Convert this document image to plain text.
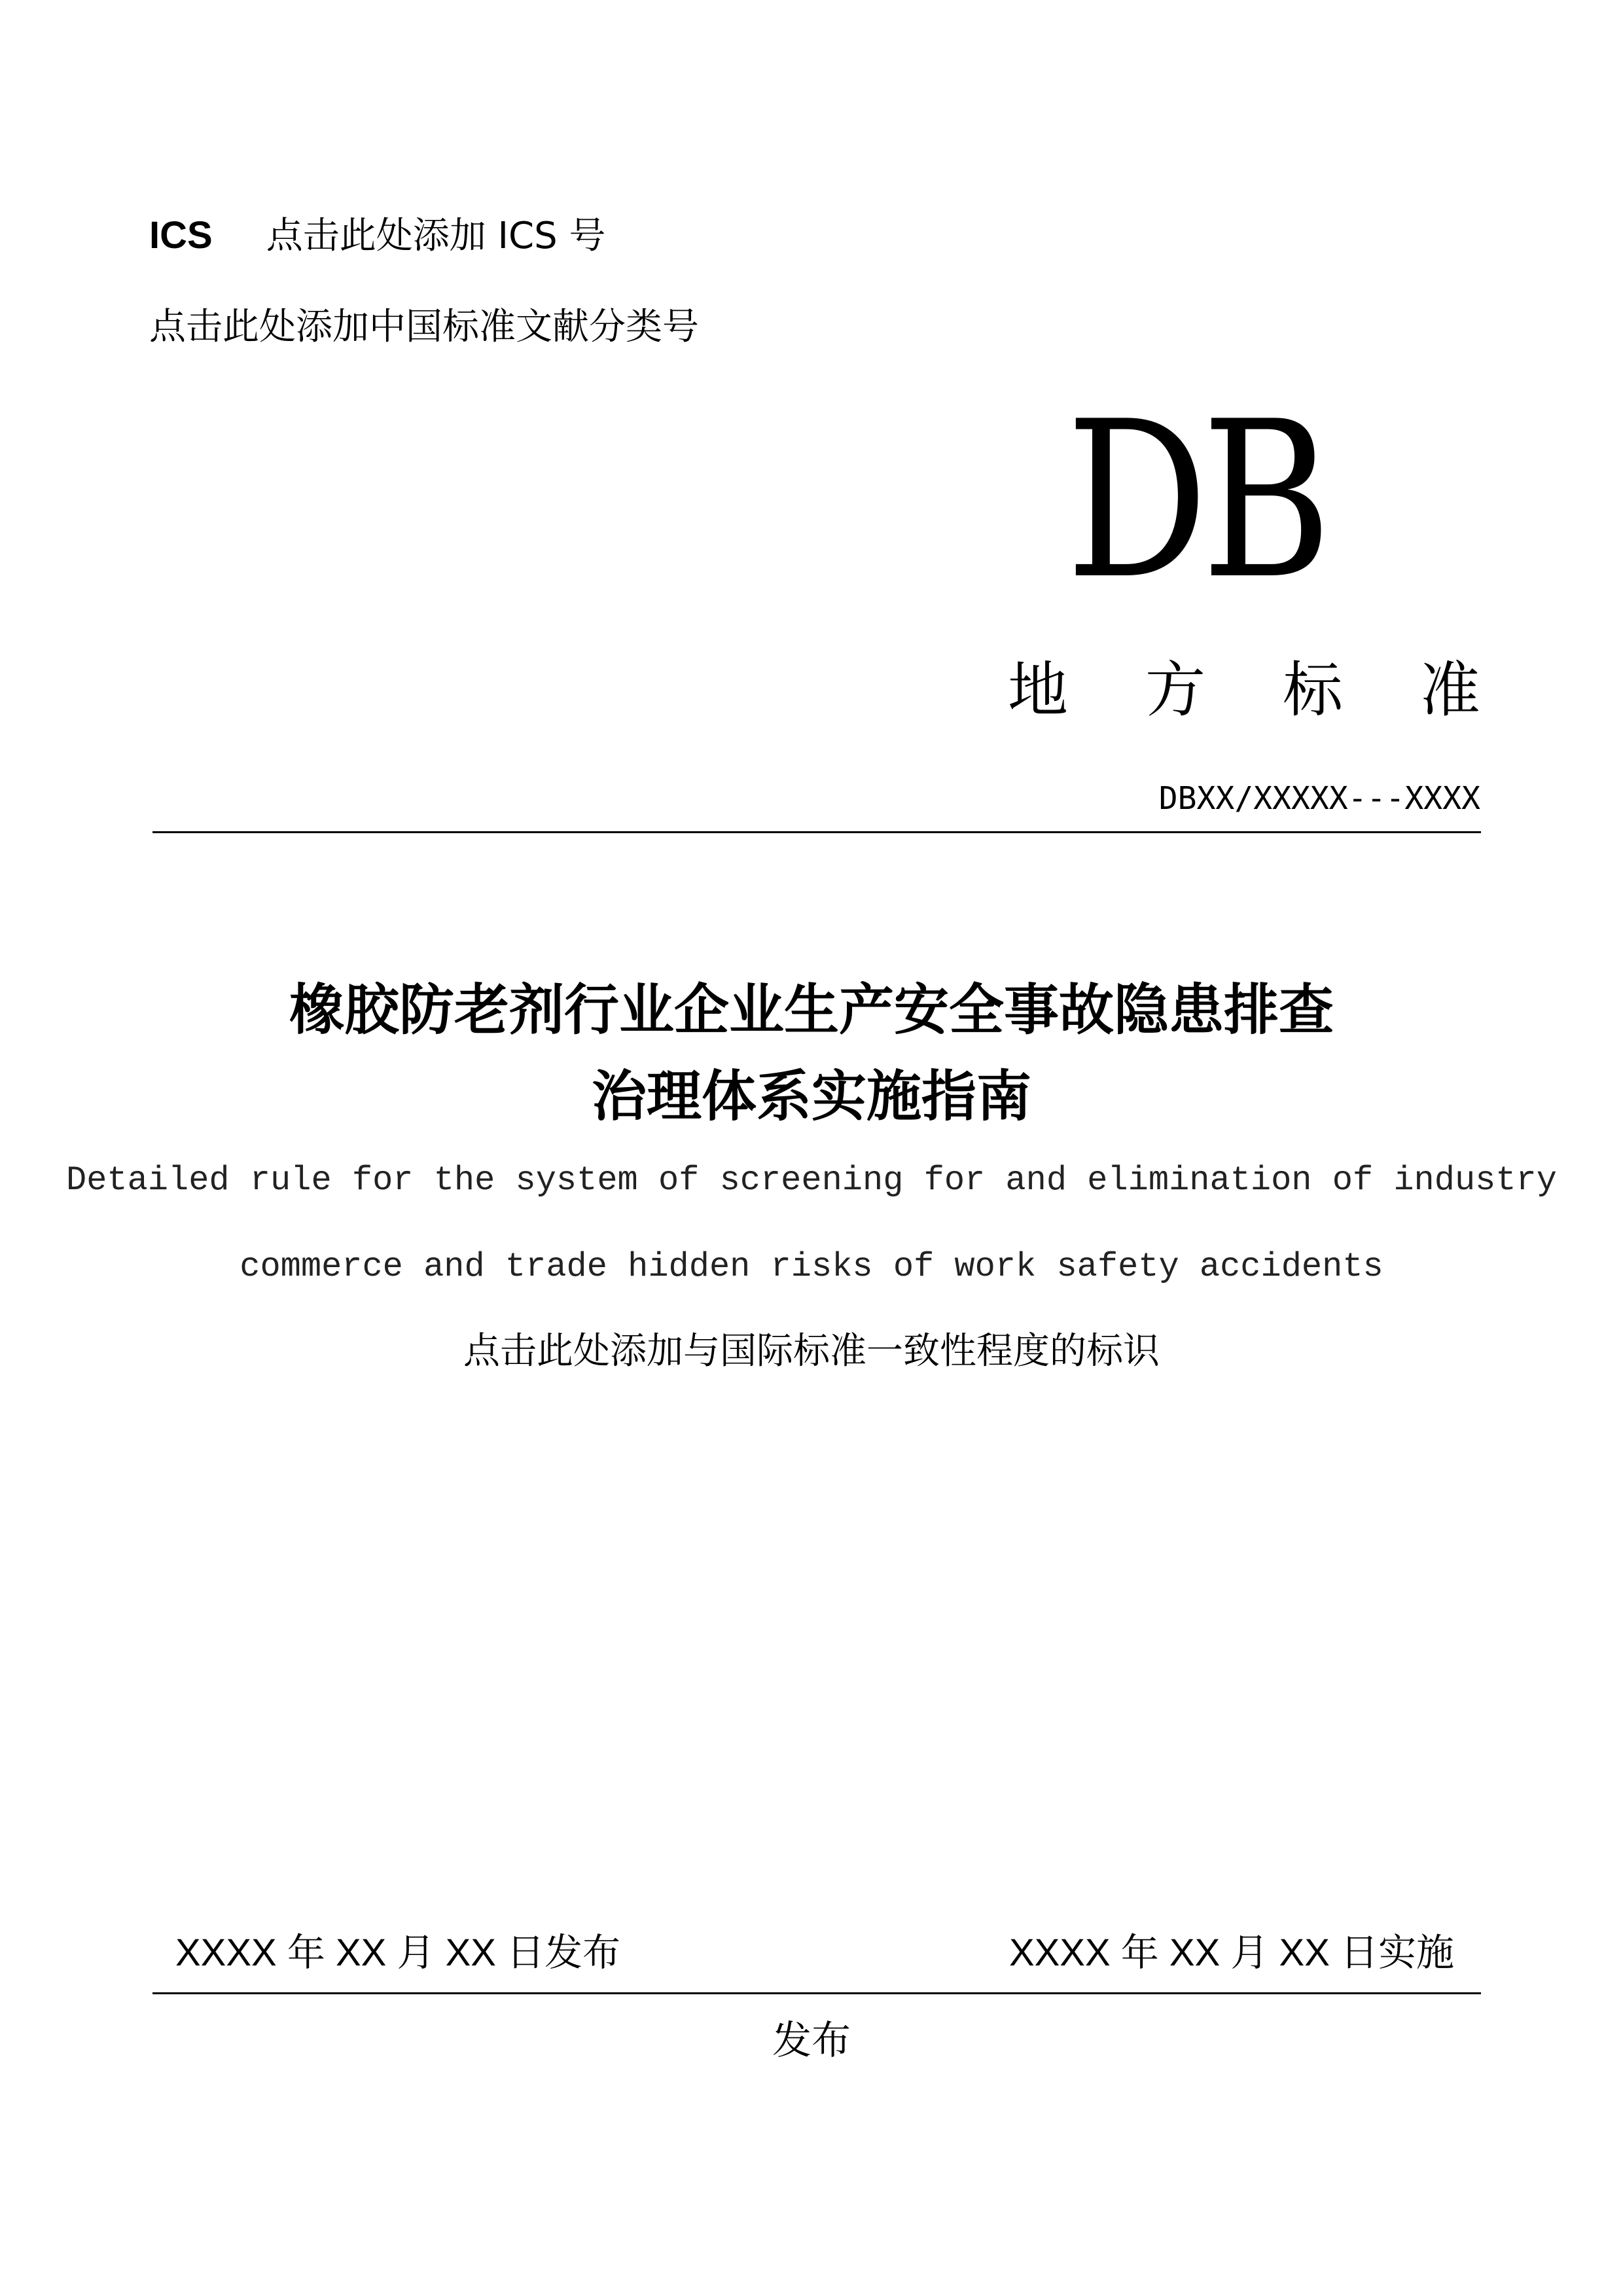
ICS 点击此处添加 ICS 号
点击此处添加中国标准文献分类号
DB
地 方 标 准
DBXX/XXXXX---XXXX
橡胶防老剂行业企业生产安全事故隐患排查
治理体系实施指南
Detailed rule for the system of screening for and elimination of industry
commerce and trade hidden risks of work safety accidents
点击此处添加与国际标准一致性程度的标识
XXXX 年 XX 月 XX 日发布	XXXX 年 XX 月 XX 日实施
发布
